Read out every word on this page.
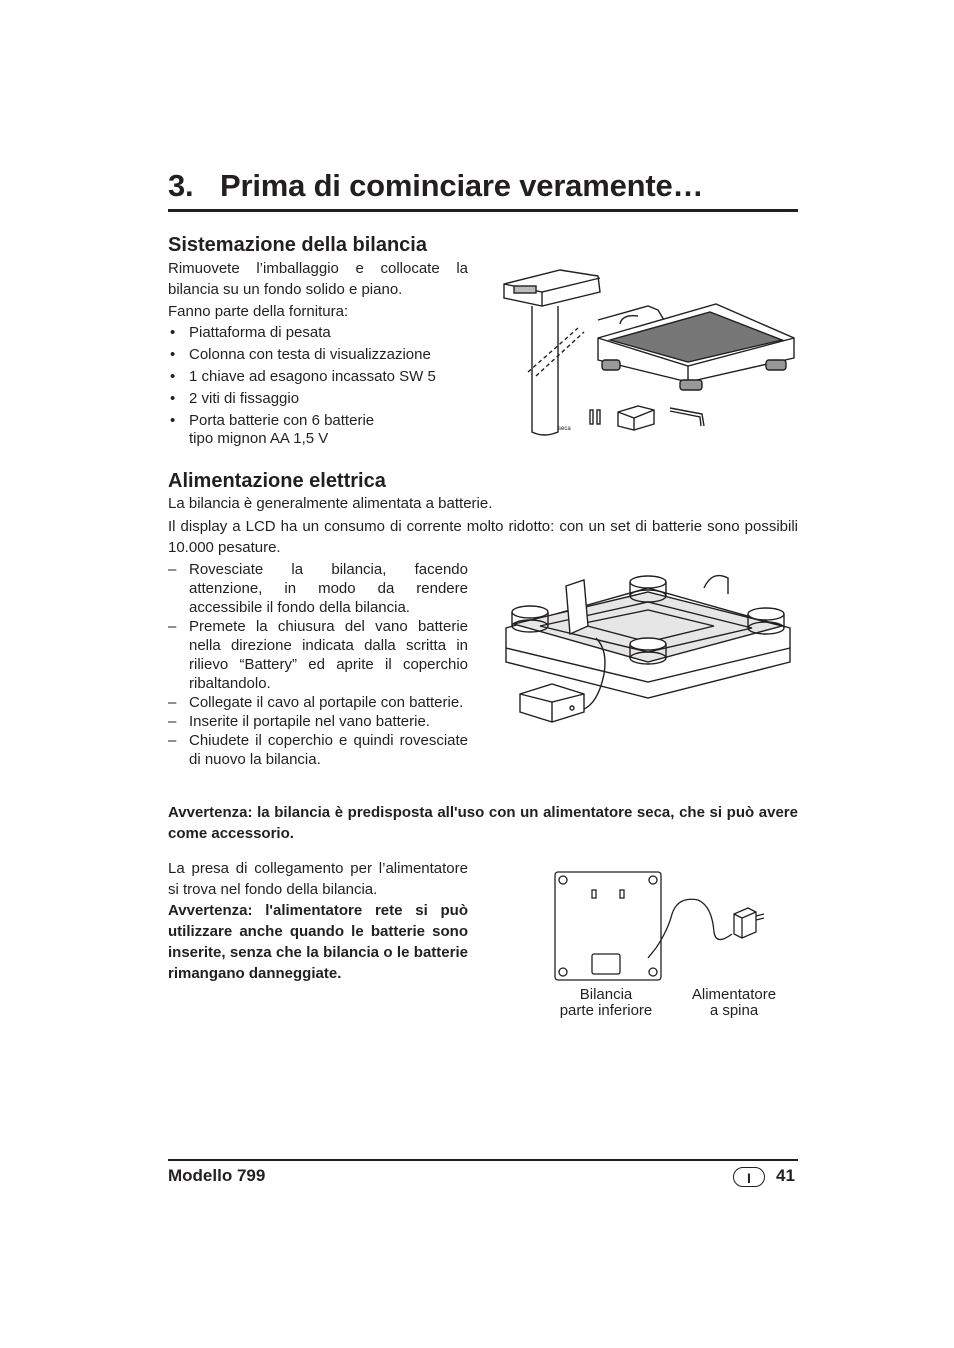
3. Prima di cominciare veramente…
Sistemazione della bilancia

Rimuovete l’imballaggio e collocate la bilancia su un fondo solido e piano.

Fanno parte della fornitura:

• Piattaforma di pesata
• Colonna con testa di visualizzazione
• 1 chiave ad esagono incassato SW 5
• 2 viti di fissaggio
• Porta batterie con 6 batterie tipo mignon AA 1,5 V
seca
Alimentazione elettrica

La bilancia è generalmente alimentata a batterie.

Il display a LCD ha un consumo di corrente molto ridotto: con un set di batterie sono possibili 10.000 pesature.

– Rovesciate la bilancia, facendo attenzione, in modo da rendere accessibile il fondo della bilancia.
– Premete la chiusura del vano batterie nella direzione indicata dalla scritta in rilievo “Battery” ed aprite il coperchio ribaltandolo.
– Collegate il cavo al portapile con batterie.
– Inserite il portapile nel vano batterie.
– Chiudete il coperchio e quindi rovesciate di nuovo la bilancia.

Avvertenza: la bilancia è predisposta all'uso con un alimentatore seca, che si può avere come accessorio.

La presa di collegamento per l’alimentatore si trova nel fondo della bilancia.

Avvertenza: l'alimentatore rete si può utilizzare anche quando le batterie sono inserite, senza che la bilancia o le batterie rimangano danneggiate.

Bilancia
parte inferiore
Alimentatore
a spina
Modello 799	I	41
